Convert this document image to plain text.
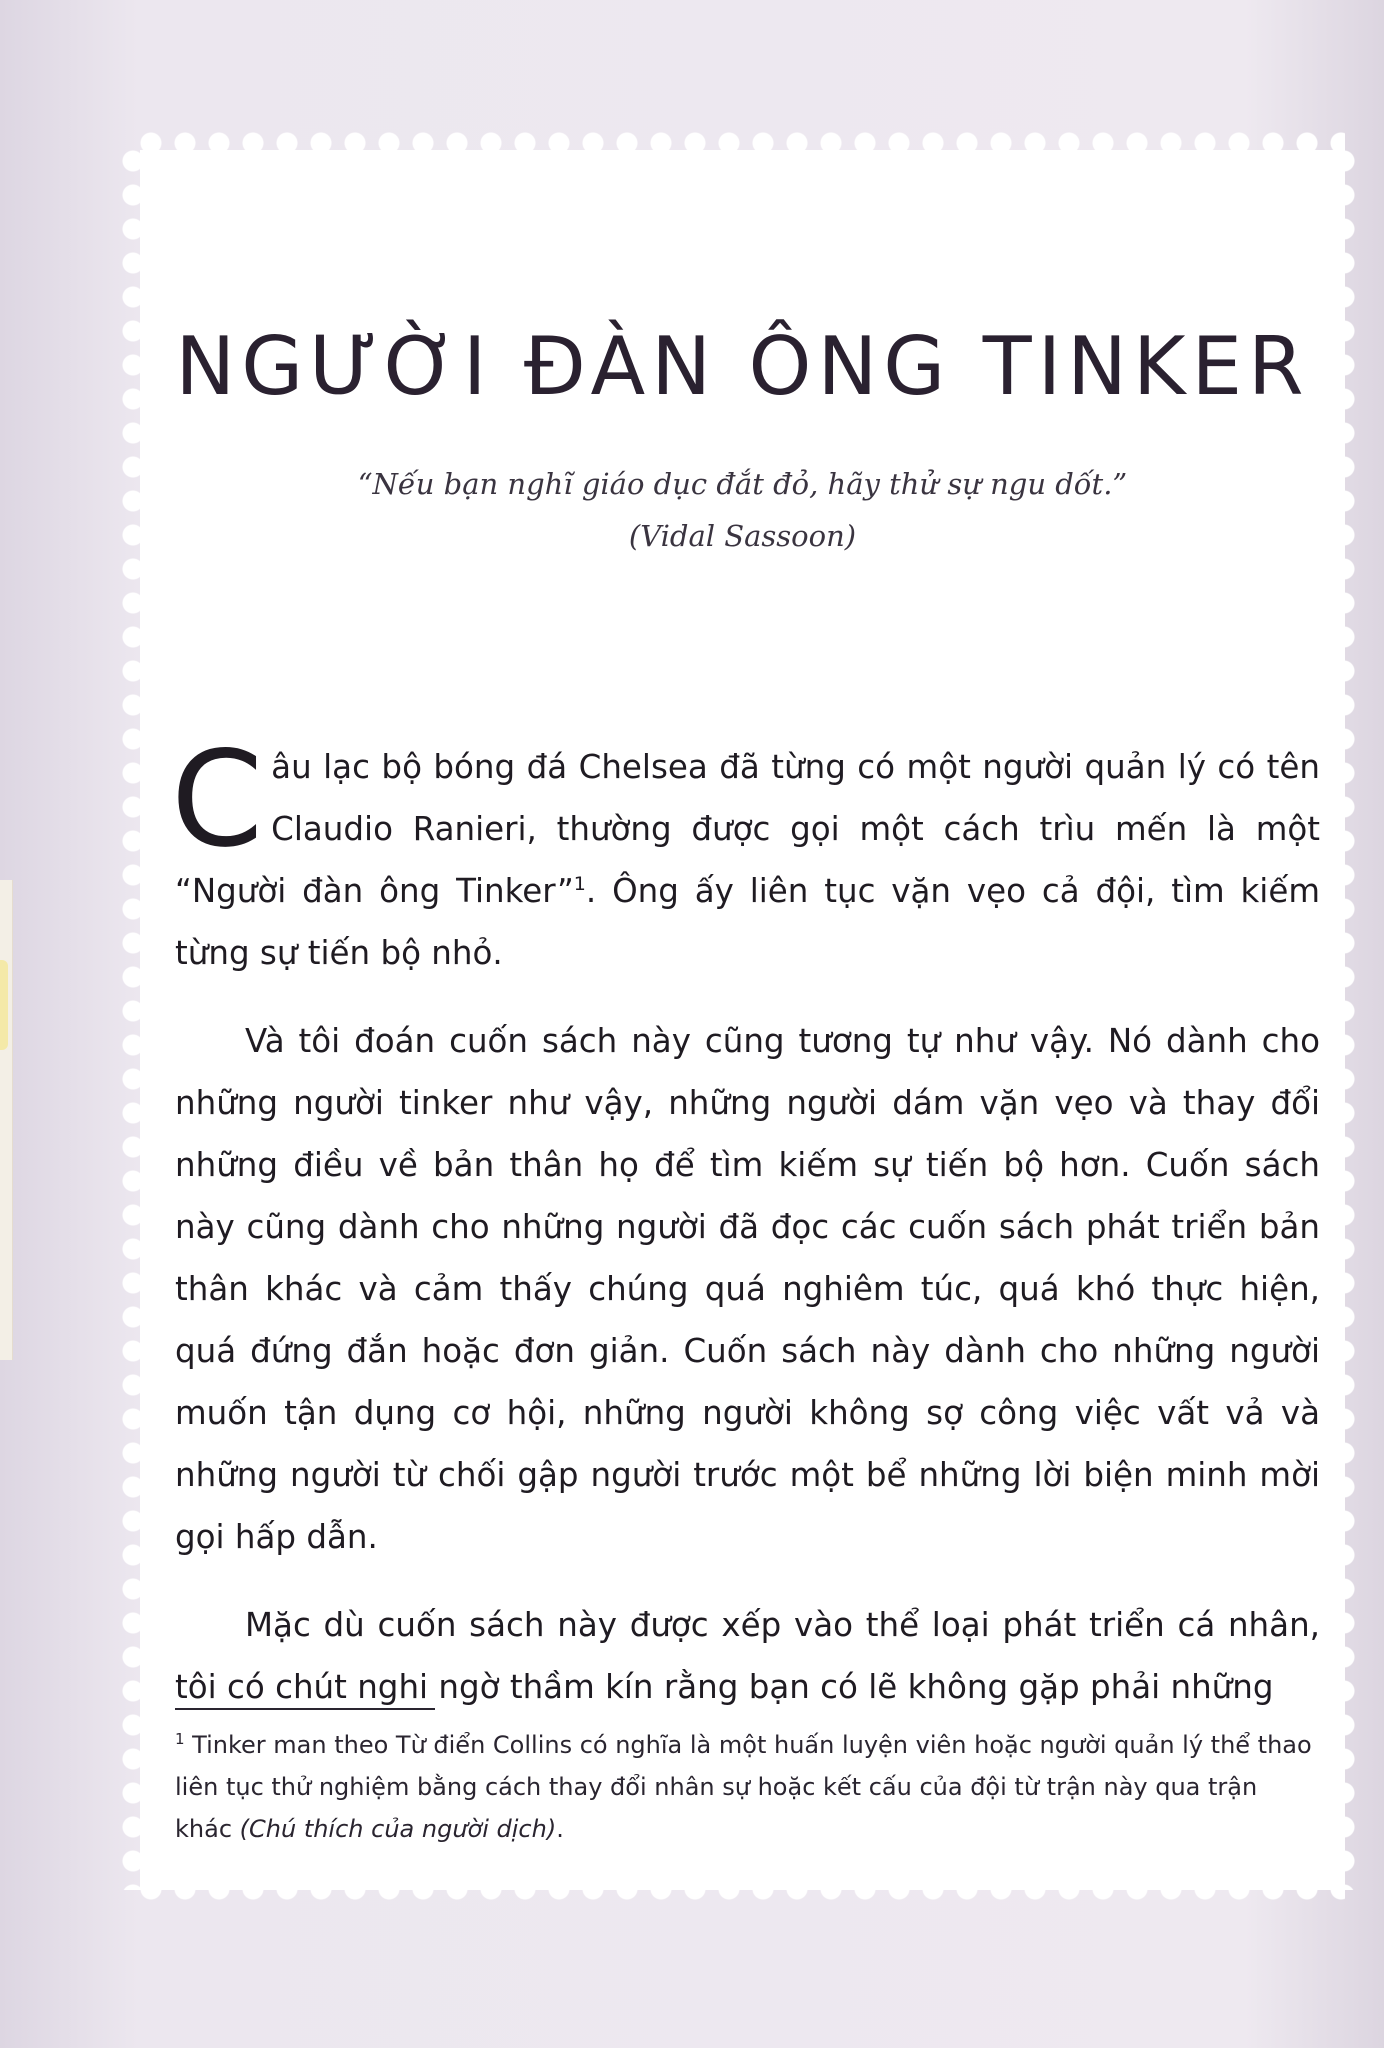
NGƯỜI ĐÀN ÔNG TINKER
“Nếu bạn nghĩ giáo dục đắt đỏ, hãy thử sự ngu dốt.”
(Vidal Sassoon)

Câu lạc bộ bóng đá Chelsea đã từng có một người quản lý có tên Claudio Ranieri, thường được gọi một cách trìu mến là một “Người đàn ông Tinker”$^1$. Ông ấy liên tục vặn vẹo cả đội, tìm kiếm từng sự tiến bộ nhỏ.

Và tôi đoán cuốn sách này cũng tương tự như vậy. Nó dành cho những người tinker như vậy, những người dám vặn vẹo và thay đổi những điều về bản thân họ để tìm kiếm sự tiến bộ hơn. Cuốn sách này cũng dành cho những người đã đọc các cuốn sách phát triển bản thân khác và cảm thấy chúng quá nghiêm túc, quá khó thực hiện, quá đứng đắn hoặc đơn giản. Cuốn sách này dành cho những người muốn tận dụng cơ hội, những người không sợ công việc vất vả và những người từ chối gập người trước một bể những lời biện minh mời gọi hấp dẫn.

Mặc dù cuốn sách này được xếp vào thể loại phát triển cá nhân, tôi có chút nghi ngờ thầm kín rằng bạn có lẽ không gặp phải những

$^1$ Tinker man theo Từ điển Collins có nghĩa là một huấn luyện viên hoặc người quản lý thể thao liên tục thử nghiệm bằng cách thay đổi nhân sự hoặc kết cấu của đội từ trận này qua trận khác (Chú thích của người dịch).
